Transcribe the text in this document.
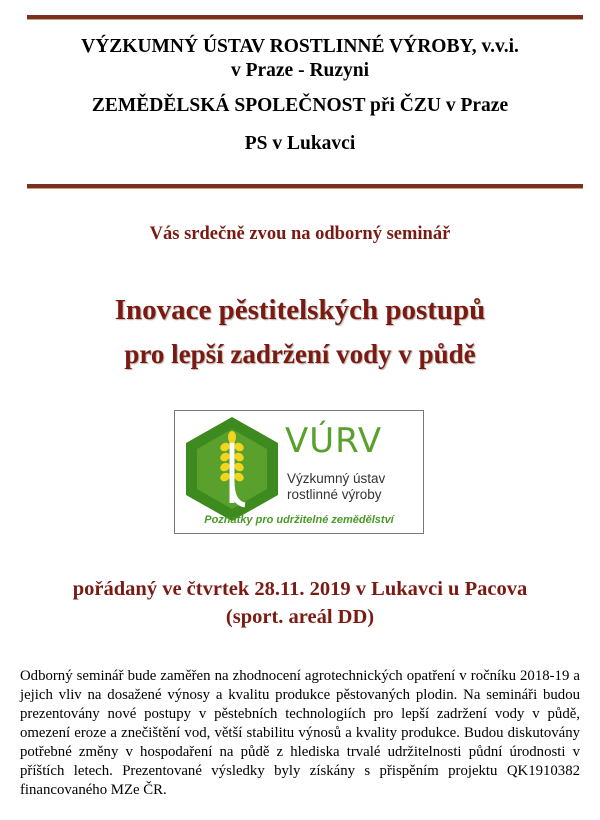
VÝZKUMNÝ ÚSTAV ROSTLINNÉ VÝROBY, v.v.i.
v Praze - Ruzyni
ZEMĚDĚLSKÁ SPOLEČNOST při ČZU v Praze
PS v Lukavci
Vás srdečně zvou na odborný seminář
Inovace pěstitelských postupů
pro lepší zadržení vody v půdě
VÚRV
Výzkumný ústav
rostlinné výroby
Poznatky pro udržitelné zemědělství
pořádaný ve čtvrtek 28.11. 2019 v Lukavci u Pacova
(sport. areál DD)
Odborný seminář bude zaměřen na zhodnocení agrotechnických opatření v ročníku 2018-19 a jejich vliv na dosažené výnosy a kvalitu produkce pěstovaných plodin. Na semináři budou prezentovány nové postupy v pěstebních technologiích pro lepší zadržení vody v půdě, omezení eroze a znečištění vod, větší stabilitu výnosů a kvality produkce. Budou diskutovány potřebné změny v hospodaření na půdě z hlediska trvalé udržitelnosti půdní úrodnosti v příštích letech. Prezentované výsledky byly získány s přispěním projektu QK1910382 financovaného MZe ČR.
